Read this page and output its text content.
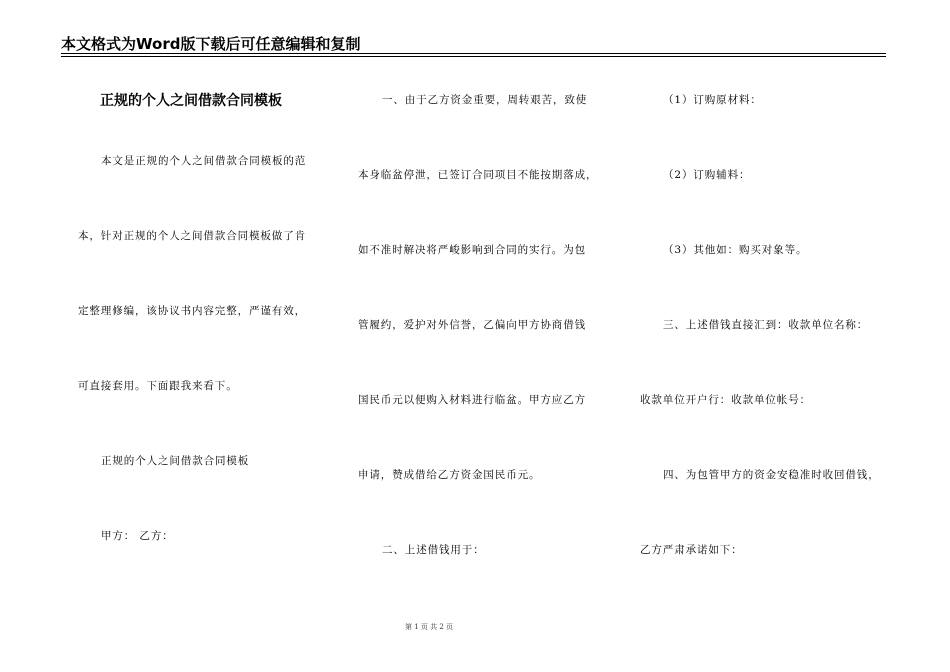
本文格式为Word版下载后可任意编辑和复制
正规的个人之间借款合同模板
本文是正规的个人之间借款合同模板的范
本，针对正规的个人之间借款合同模板做了肯
定整理修编，该协议书内容完整，严谨有效，
可直接套用。下面跟我来看下。
正规的个人之间借款合同模板
甲方： 乙方：
一、由于乙方资金重要，周转艰苦，致使
本身临盆停泄，已签订合同项目不能按期落成，
如不准时解决将严峻影响到合同的实行。为包
管履约，爱护对外信誉，乙偏向甲方协商借钱
国民币元以便购入材料进行临盆。甲方应乙方
申请，赞成借给乙方资金国民币元。
二、上述借钱用于：
（1）订购原材料：
（2）订购辅料：
（3）其他如：购买对象等。
三、上述借钱直接汇到：收款单位名称：
收款单位开户行：收款单位帐号：
四、为包管甲方的资金安稳准时收回借钱，
乙方严肃承诺如下：
第 1 页 共 2 页
